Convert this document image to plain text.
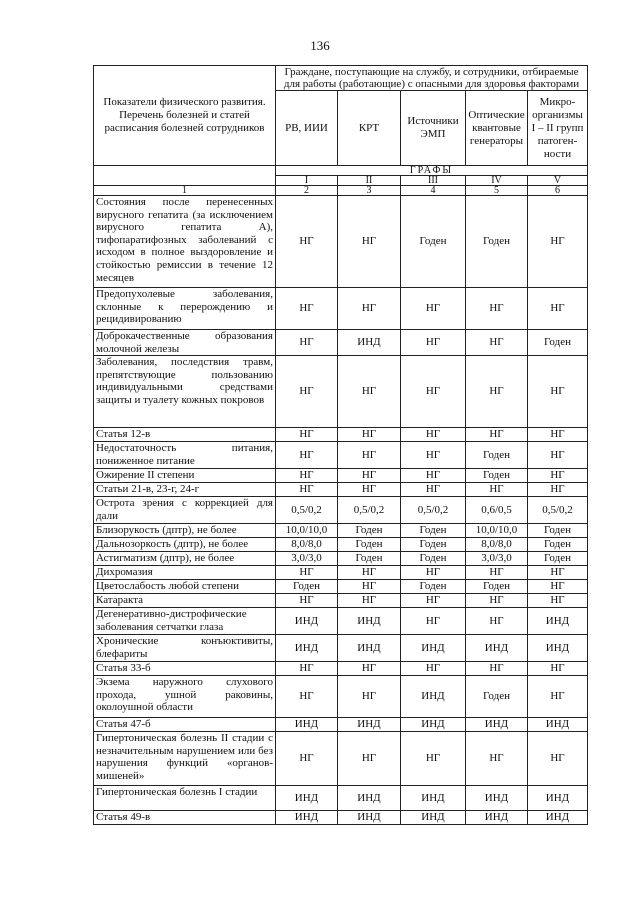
136
Показатели физического развития. Перечень болезней и статей расписания болезней сотрудников	Граждане, поступающие на службу, и сотрудники, отбираемые для работы (работающие) с опасными для здоровья факторами				
	РВ, ИИИ	КРТ	Источники ЭМП	Оптические квантовые генераторы	Микро-организмы I – II групп патоген-ности
	ГРАФЫ				
	I	II	III	IV	V
1	2	3	4	5	6
Состояния после перенесенных вирусного гепатита (за исключением вирусного гепатита А), тифопаратифозных заболеваний с исходом в полное выздоровление и стойкостью ремиссии в течение 12 месяцев	НГ	НГ	Годен	Годен	НГ
Предопухолевые заболевания, склонные к перерождению и рецидивированию	НГ	НГ	НГ	НГ	НГ
Доброкачественные образования молочной железы	НГ	ИНД	НГ	НГ	Годен
Заболевания, последствия травм, препятствующие пользованию индивидуальными средствами защиты и туалету кожных покровов	НГ	НГ	НГ	НГ	НГ
Статья 12-в	НГ	НГ	НГ	НГ	НГ
Недостаточность питания, пониженное питание	НГ	НГ	НГ	Годен	НГ
Ожирение II степени	НГ	НГ	НГ	Годен	НГ
Статьи 21-в, 23-г, 24-г	НГ	НГ	НГ	НГ	НГ
Острота зрения с коррекцией для дали	0,5/0,2	0,5/0,2	0,5/0,2	0,6/0,5	0,5/0,2
Близорукость (дптр), не более	10,0/10,0	Годен	Годен	10,0/10,0	Годен
Дальнозоркость (дптр), не более	8,0/8,0	Годен	Годен	8,0/8,0	Годен
Астигматизм (дптр), не более	3,0/3,0	Годен	Годен	3,0/3,0	Годен
Дихромазия	НГ	НГ	НГ	НГ	НГ
Цветослабость любой степени	Годен	НГ	Годен	Годен	НГ
Катаракта	НГ	НГ	НГ	НГ	НГ
Дегенеративно-дистрофические заболевания сетчатки глаза	ИНД	ИНД	НГ	НГ	ИНД
Хронические конъюктивиты, блефариты	ИНД	ИНД	ИНД	ИНД	ИНД
Статья 33-б	НГ	НГ	НГ	НГ	НГ
Экзема наружного слухового прохода, ушной раковины, околоушной области	НГ	НГ	ИНД	Годен	НГ
Статья 47-б	ИНД	ИНД	ИНД	ИНД	ИНД
Гипертоническая болезнь II стадии с незначительным нарушением или без нарушения функций «органов-мишеней»	НГ	НГ	НГ	НГ	НГ
Гипертоническая болезнь I стадии	ИНД	ИНД	ИНД	ИНД	ИНД
Статья 49-в	ИНД	ИНД	ИНД	ИНД	ИНД
